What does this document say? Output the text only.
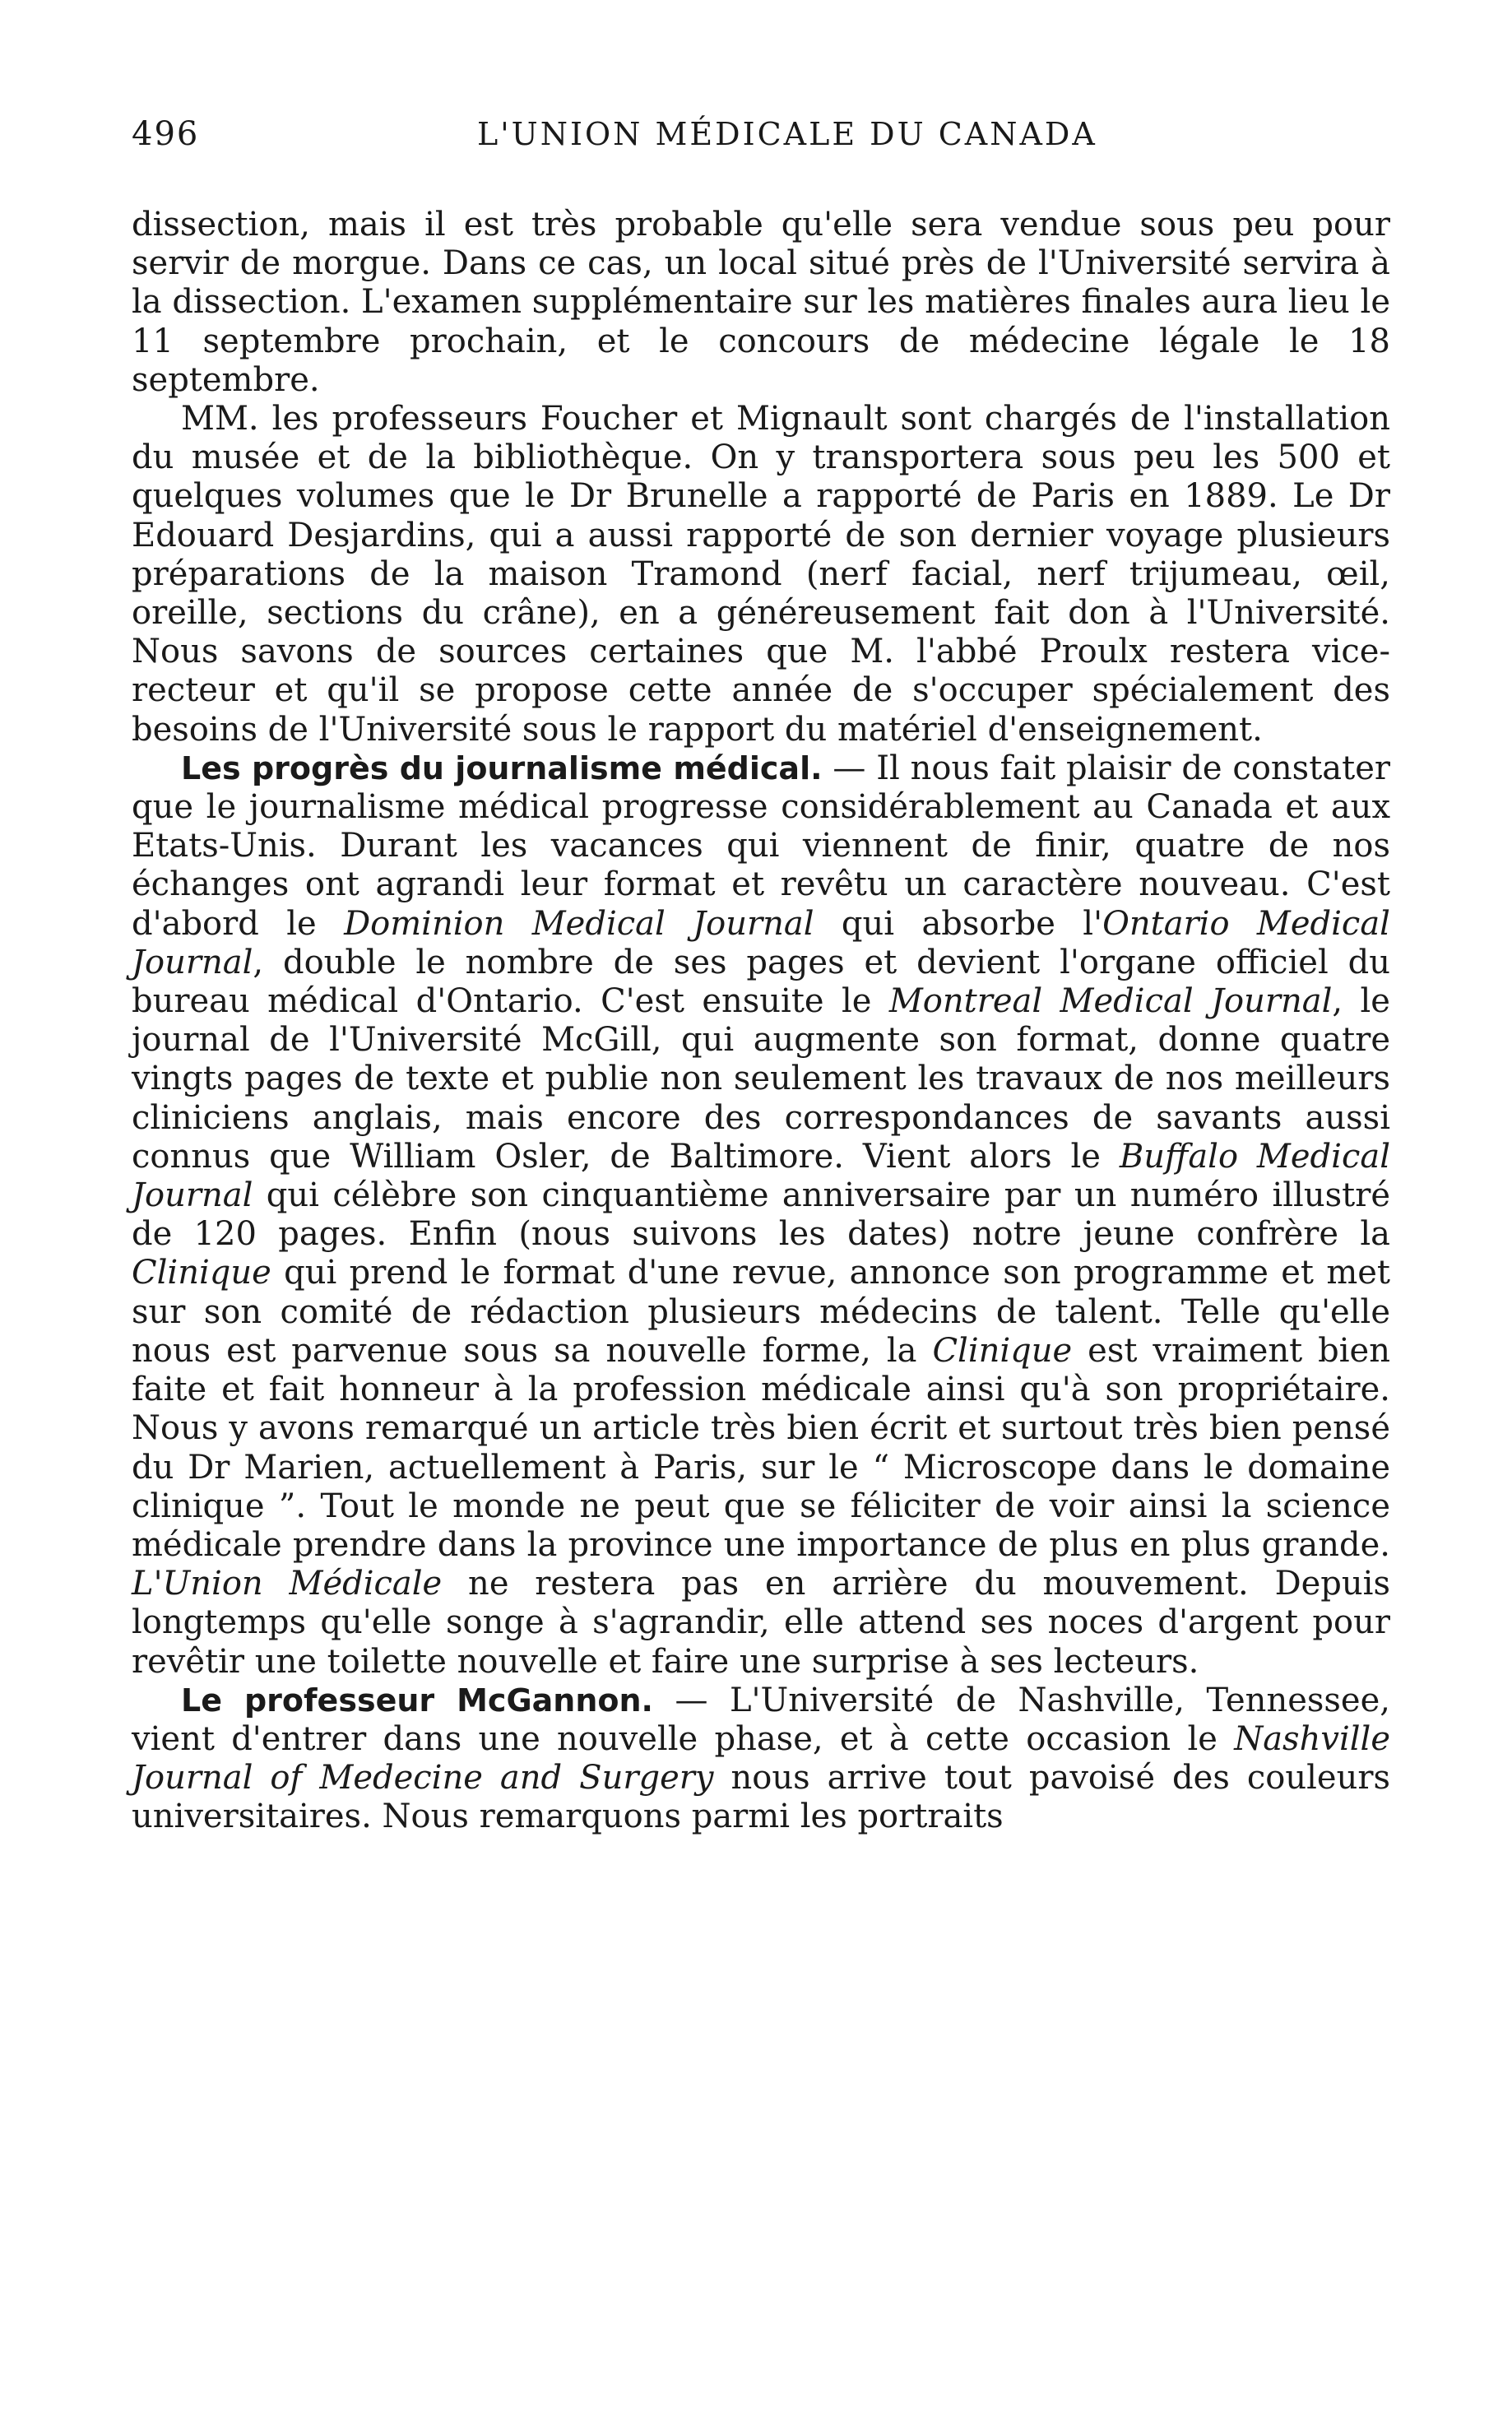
496	L'UNION MÉDICALE DU CANADA

dissection, mais il est très probable qu'elle sera vendue sous peu pour servir de morgue. Dans ce cas, un local situé près de l'Université servira à la dissection. L'examen supplémentaire sur les matières finales aura lieu le 11 septembre prochain, et le concours de médecine légale le 18 septembre.

MM. les professeurs Foucher et Mignault sont chargés de l'installation du musée et de la bibliothèque. On y transportera sous peu les 500 et quelques volumes que le Dr Brunelle a rapporté de Paris en 1889. Le Dr Edouard Desjardins, qui a aussi rapporté de son dernier voyage plusieurs préparations de la maison Tramond (nerf facial, nerf trijumeau, œil, oreille, sections du crâne), en a généreusement fait don à l'Université. Nous savons de sources certaines que M. l'abbé Proulx restera vice-recteur et qu'il se propose cette année de s'occuper spécialement des besoins de l'Université sous le rapport du matériel d'enseignement.

Les progrès du journalisme médical. — Il nous fait plaisir de constater que le journalisme médical progresse considérablement au Canada et aux Etats-Unis. Durant les vacances qui viennent de finir, quatre de nos échanges ont agrandi leur format et revêtu un caractère nouveau. C'est d'abord le Dominion Medical Journal qui absorbe l'Ontario Medical Journal, double le nombre de ses pages et devient l'organe officiel du bureau médical d'Ontario. C'est ensuite le Montreal Medical Journal, le journal de l'Université McGill, qui augmente son format, donne quatre vingts pages de texte et publie non seulement les travaux de nos meilleurs cliniciens anglais, mais encore des correspondances de savants aussi connus que William Osler, de Baltimore. Vient alors le Buffalo Medical Journal qui célèbre son cinquantième anniversaire par un numéro illustré de 120 pages. Enfin (nous suivons les dates) notre jeune confrère la Clinique qui prend le format d'une revue, annonce son programme et met sur son comité de rédaction plusieurs médecins de talent. Telle qu'elle nous est parvenue sous sa nouvelle forme, la Clinique est vraiment bien faite et fait honneur à la profession médicale ainsi qu'à son propriétaire. Nous y avons remarqué un article très bien écrit et surtout très bien pensé du Dr Marien, actuellement à Paris, sur le “ Microscope dans le domaine clinique ”. Tout le monde ne peut que se féliciter de voir ainsi la science médicale prendre dans la province une importance de plus en plus grande. L'Union Médicale ne restera pas en arrière du mouvement. Depuis longtemps qu'elle songe à s'agrandir, elle attend ses noces d'argent pour revêtir une toilette nouvelle et faire une surprise à ses lecteurs.

Le professeur McGannon. — L'Université de Nashville, Tennessee, vient d'entrer dans une nouvelle phase, et à cette occasion le Nashville Journal of Medecine and Surgery nous arrive tout pavoisé des couleurs universitaires. Nous remarquons parmi les portraits
